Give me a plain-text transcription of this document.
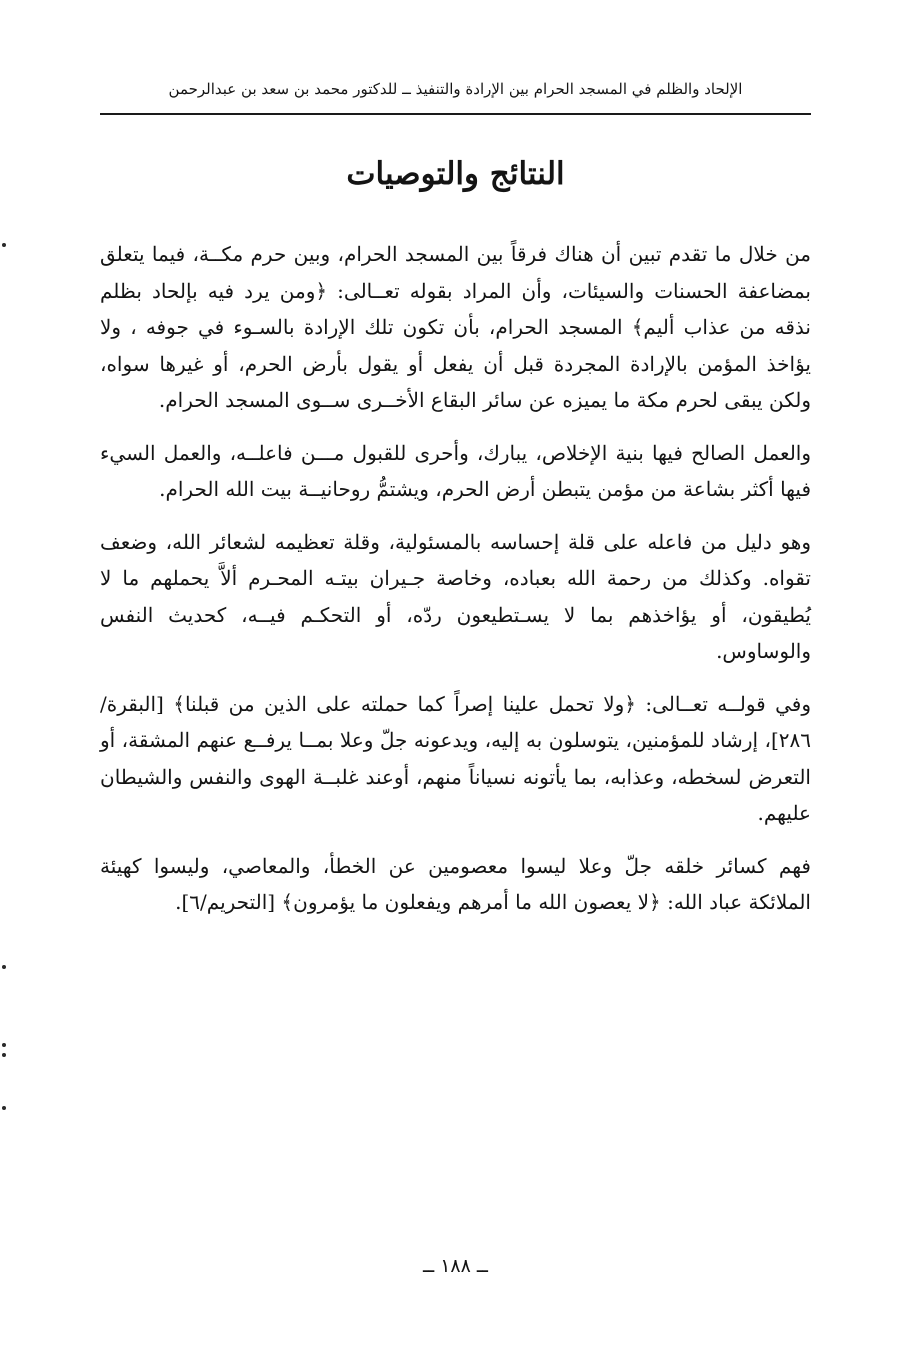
الإلحاد والظلم في المسجد الحرام بين الإرادة والتنفيذ ــ للدكتور محمد بن سعد بن عبدالرحمن
النتائج والتوصيات

من خلال ما تقدم تبين أن هناك فرقاً بين المسجد الحرام، وبين حرم مكــة، فيما يتعلق بمضاعفة الحسنات والسيئات، وأن المراد بقوله تعــالى: ﴿ومن يرد فيه بإلحاد بظلم نذقه من عذاب أليم﴾ المسجد الحرام، بأن تكون تلك الإرادة بالسـوء في جوفه ، ولا يؤاخذ المؤمن بالإرادة المجردة قبل أن يفعل أو يقول بأرض الحرم، أو غيرها سواه، ولكن يبقى لحرم مكة ما يميزه عن سائر البقاع الأخــرى ســوى المسجد الحرام.

والعمل الصالح فيها بنية الإخلاص، يبارك، وأحرى للقبول مـــن فاعلــه، والعمل السيء فيها أكثر بشاعة من مؤمن يتبطن أرض الحرم، ويشتمُّ روحانيــة بيت الله الحرام.

وهو دليل من فاعله على قلة إحساسه بالمسئولية، وقلة تعظيمه لشعائر الله، وضعف تقواه. وكذلك من رحمة الله بعباده، وخاصة جـيران بيتـه المحـرم ألاَّ يحملهم ما لا يُطيقون، أو يؤاخذهم بما لا يسـتطيعون ردّه، أو التحكـم فيــه، كحديث النفس والوساوس.

وفي قولــه تعــالى: ﴿ولا تحمل علينا إصراً كما حملته على الذين من قبلنا﴾ [البقرة/٢٨٦]، إرشاد للمؤمنين، يتوسلون به إليه، ويدعونه جلّ وعلا بمــا يرفــع عنهم المشقة، أو التعرض لسخطه، وعذابه، بما يأتونه نسياناً منهم، أوعند غلبــة الهوى والنفس والشيطان عليهم.

فهم كسائر خلقه جلّ وعلا ليسوا معصومين عن الخطأ، والمعاصي، وليسوا كهيئة الملائكة عباد الله: ﴿لا يعصون الله ما أمرهم ويفعلون ما يؤمرون﴾ [التحريم/٦].

ــ ١٨٨ ــ
